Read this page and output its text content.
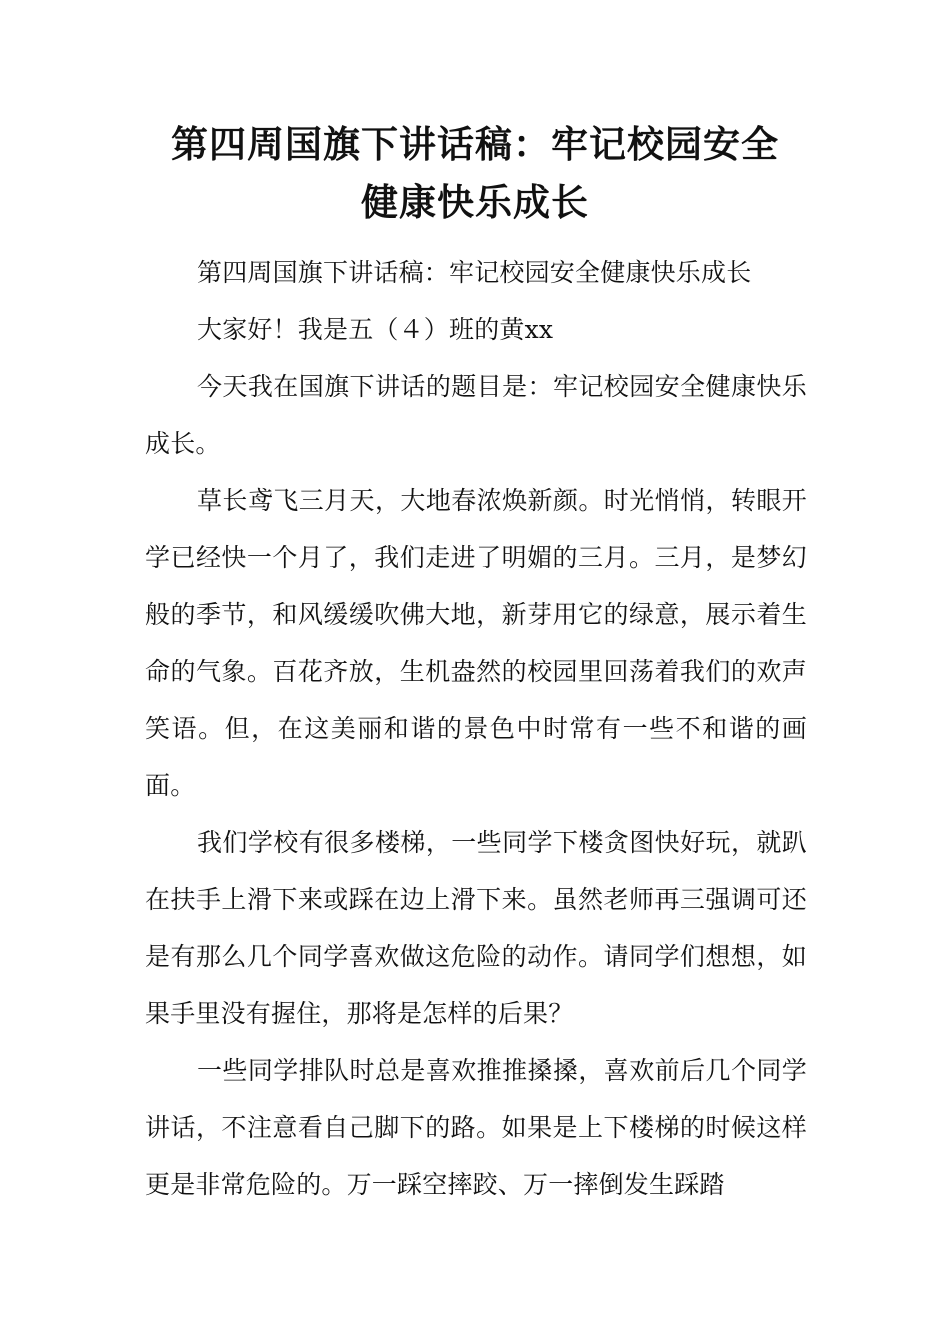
第四周国旗下讲话稿：牢记校园安全
健康快乐成长

第四周国旗下讲话稿：牢记校园安全健康快乐成长

大家好！我是五（４）班的黄xx

今天我在国旗下讲话的题目是：牢记校园安全健康快乐成长。

草长鸢飞三月天，大地春浓焕新颜。时光悄悄，转眼开学已经快一个月了，我们走进了明媚的三月。三月，是梦幻般的季节，和风缓缓吹佛大地，新芽用它的绿意，展示着生命的气象。百花齐放，生机盎然的校园里回荡着我们的欢声笑语。但，在这美丽和谐的景色中时常有一些不和谐的画面。

我们学校有很多楼梯，一些同学下楼贪图快好玩，就趴在扶手上滑下来或踩在边上滑下来。虽然老师再三强调可还是有那么几个同学喜欢做这危险的动作。请同学们想想，如果手里没有握住，那将是怎样的后果？

一些同学排队时总是喜欢推推搡搡，喜欢前后几个同学讲话，不注意看自己脚下的路。如果是上下楼梯的时候这样更是非常危险的。万一踩空摔跤、万一摔倒发生踩踏
